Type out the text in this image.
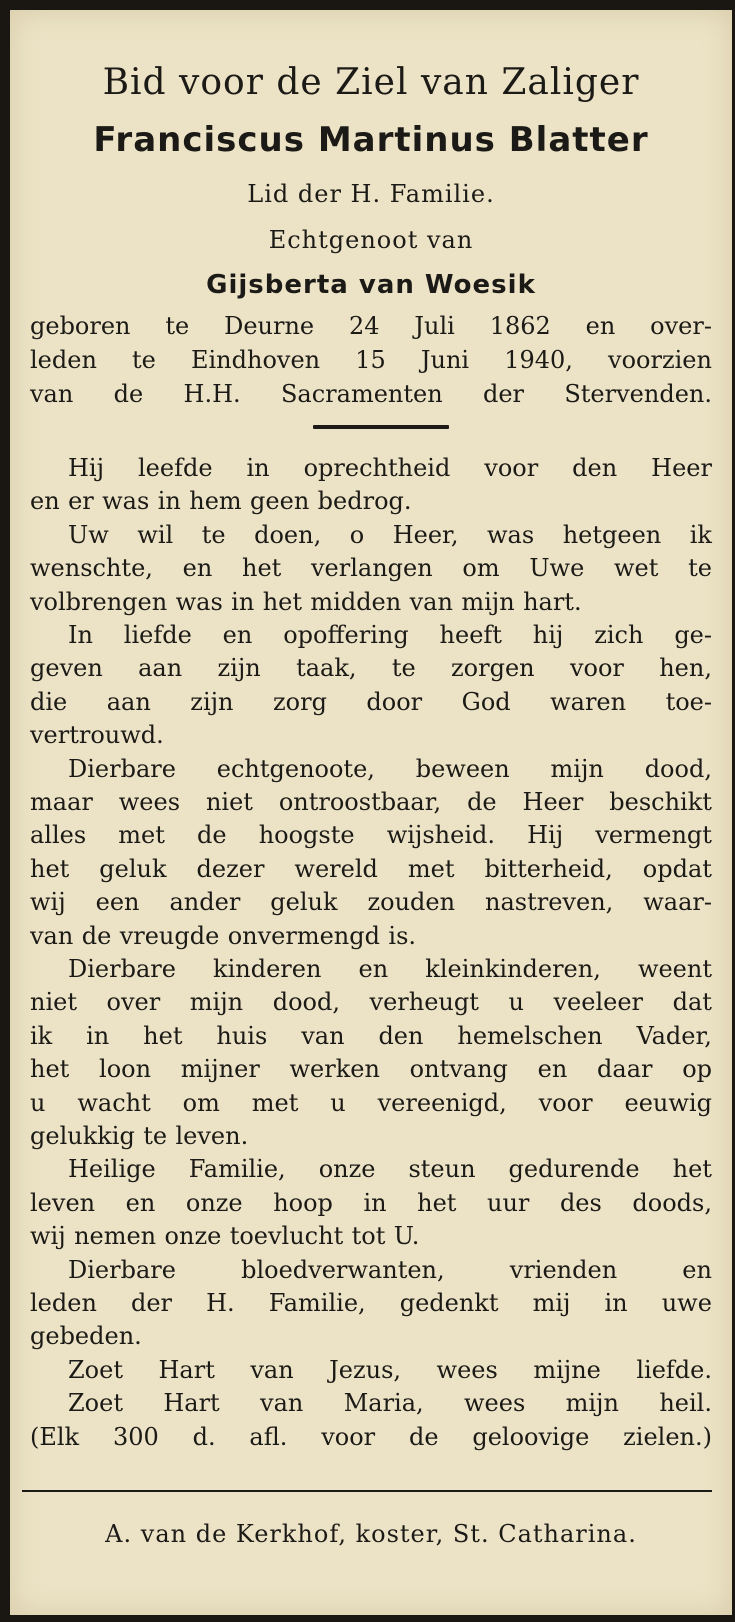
Bid voor de Ziel van Zaliger
Franciscus Martinus Blatter
Lid der H. Familie.
Echtgenoot van
Gijsberta van Woesik
geboren te Deurne 24 Juli 1862 en over-
leden te Eindhoven 15 Juni 1940, voorzien
van de H.H. Sacramenten der Stervenden.
Hij leefde in oprechtheid voor den Heer
en er was in hem geen bedrog.
Uw wil te doen, o Heer, was hetgeen ik
wenschte, en het verlangen om Uwe wet te
volbrengen was in het midden van mijn hart.
In liefde en opoffering heeft hij zich ge-
geven aan zijn taak, te zorgen voor hen,
die aan zijn zorg door God waren toe-
vertrouwd.
Dierbare echtgenoote, beween mijn dood,
maar wees niet ontroostbaar, de Heer beschikt
alles met de hoogste wijsheid. Hij vermengt
het geluk dezer wereld met bitterheid, opdat
wij een ander geluk zouden nastreven, waar-
van de vreugde onvermengd is.
Dierbare kinderen en kleinkinderen, weent
niet over mijn dood, verheugt u veeleer dat
ik in het huis van den hemelschen Vader,
het loon mijner werken ontvang en daar op
u wacht om met u vereenigd, voor eeuwig
gelukkig te leven.
Heilige Familie, onze steun gedurende het
leven en onze hoop in het uur des doods,
wij nemen onze toevlucht tot U.
Dierbare	bloedverwanten,	vrienden	en
leden der H. Familie, gedenkt mij in uwe
gebeden.
Zoet Hart van Jezus, wees mijne liefde.
Zoet Hart van Maria, wees mijn heil.
(Elk 300 d. afl. voor de geloovige zielen.)
A. van de Kerkhof, koster, St. Catharina.
